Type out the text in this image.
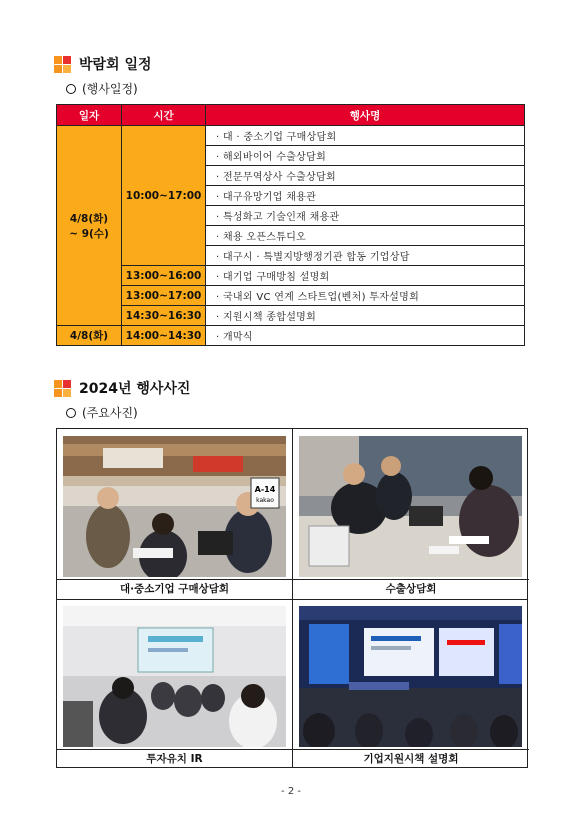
박람회 일정
(행사일정)
일자	시간	행사명

4/8(화)
~ 9(수)	10:00~17:00	· 대 · 중소기업 구매상담회
		· 해외바이어 수출상담회
		· 전문무역상사 수출상담회
		· 대구유망기업 채용관
		· 특성화고 기술인재 채용관
		· 채용 오픈스튜디오
		· 대구시 · 특별지방행정기관 합동 기업상담
	13:00~16:00	· 대기업 구매방침 설명회
	13:00~17:00	· 국내외 VC 연계 스타트업(벤처) 투자설명회
	14:30~16:30	· 지원시책 종합설명회
4/8(화)	14:00~14:30	· 개막식
2024년 행사사진
(주요사진)
A-14
kakao
대·중소기업 구매상담회	수출상담회
투자유치 IR	기업지원시책 설명회
- 2 -
